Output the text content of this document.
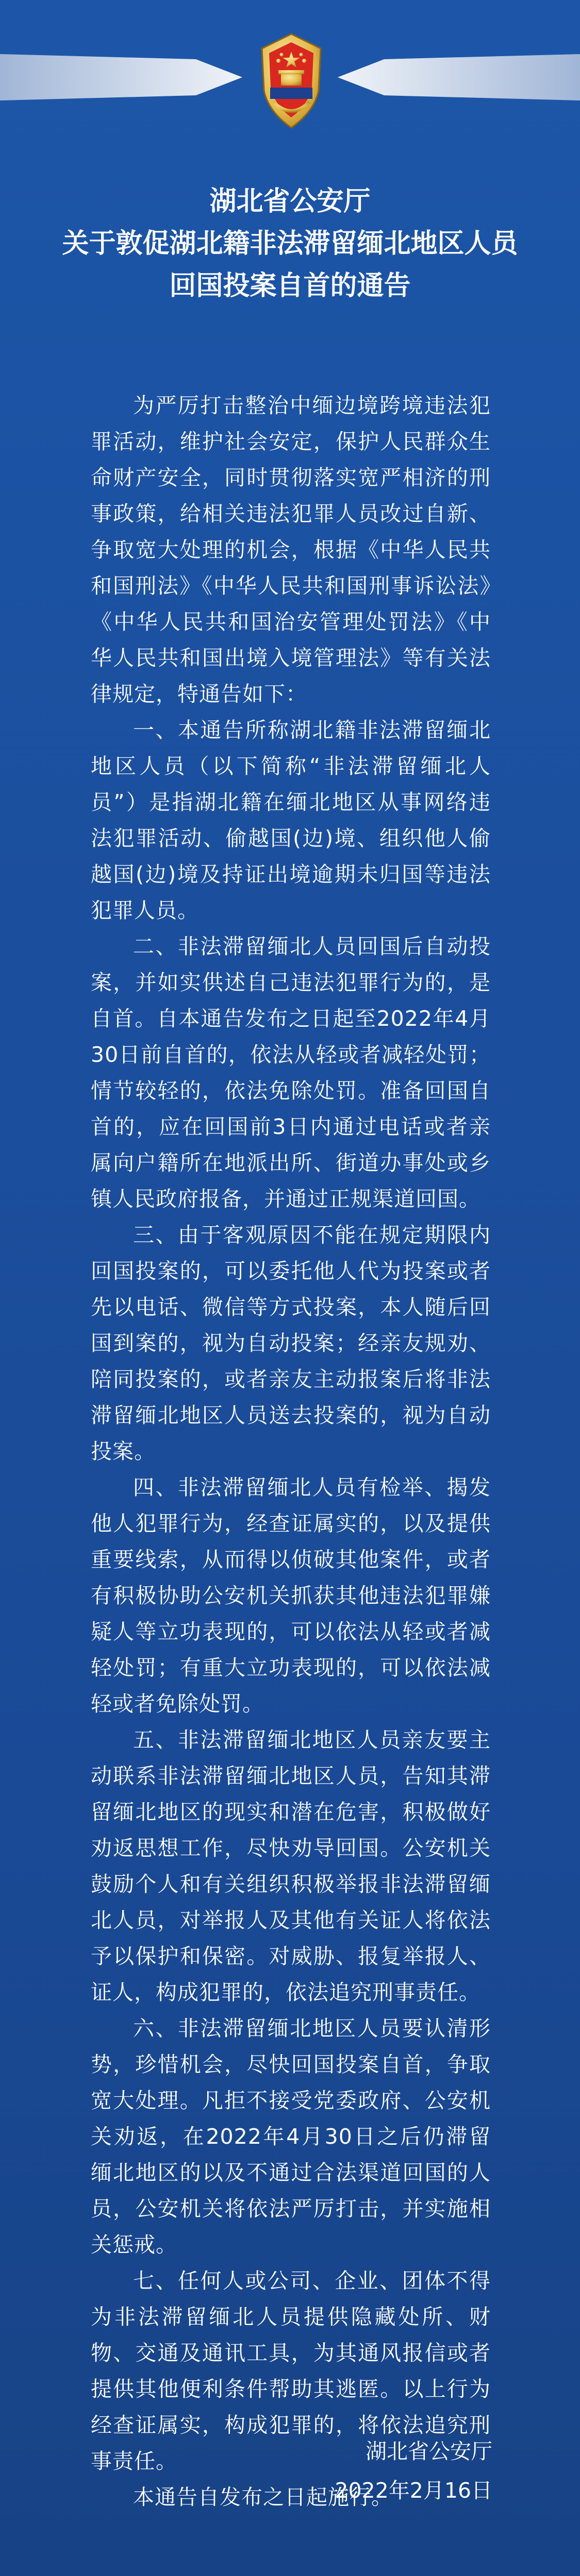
湖北省公安厅
关于敦促湖北籍非法滞留缅北地区人员
回国投案自首的通告

为严厉打击整治中缅边境跨境违法犯罪活动，维护社会安定，保护人民群众生命财产安全，同时贯彻落实宽严相济的刑事政策，给相关违法犯罪人员改过自新、争取宽大处理的机会，根据《中华人民共和国刑法》《中华人民共和国刑事诉讼法》《中华人民共和国治安管理处罚法》《中华人民共和国出境入境管理法》等有关法律规定，特通告如下：

一、本通告所称湖北籍非法滞留缅北地区人员（以下简称“非法滞留缅北人员”）是指湖北籍在缅北地区从事网络违法犯罪活动、偷越国(边)境、组织他人偷越国(边)境及持证出境逾期未归国等违法犯罪人员。

二、非法滞留缅北人员回国后自动投案，并如实供述自己违法犯罪行为的，是自首。自本通告发布之日起至2022年4月30日前自首的，依法从轻或者减轻处罚；情节较轻的，依法免除处罚。准备回国自首的，应在回国前3日内通过电话或者亲属向户籍所在地派出所、街道办事处或乡镇人民政府报备，并通过正规渠道回国。

三、由于客观原因不能在规定期限内回国投案的，可以委托他人代为投案或者先以电话、微信等方式投案，本人随后回国到案的，视为自动投案；经亲友规劝、陪同投案的，或者亲友主动报案后将非法滞留缅北地区人员送去投案的，视为自动投案。

四、非法滞留缅北人员有检举、揭发他人犯罪行为，经查证属实的，以及提供重要线索，从而得以侦破其他案件，或者有积极协助公安机关抓获其他违法犯罪嫌疑人等立功表现的，可以依法从轻或者减轻处罚；有重大立功表现的，可以依法减轻或者免除处罚。

五、非法滞留缅北地区人员亲友要主动联系非法滞留缅北地区人员，告知其滞留缅北地区的现实和潜在危害，积极做好劝返思想工作，尽快劝导回国。公安机关鼓励个人和有关组织积极举报非法滞留缅北人员，对举报人及其他有关证人将依法予以保护和保密。对威胁、报复举报人、证人，构成犯罪的，依法追究刑事责任。

六、非法滞留缅北地区人员要认清形势，珍惜机会，尽快回国投案自首，争取宽大处理。凡拒不接受党委政府、公安机关劝返，在2022年4月30日之后仍滞留缅北地区的以及不通过合法渠道回国的人员，公安机关将依法严厉打击，并实施相关惩戒。

七、任何人或公司、企业、团体不得为非法滞留缅北人员提供隐藏处所、财物、交通及通讯工具，为其通风报信或者提供其他便利条件帮助其逃匿。以上行为经查证属实，构成犯罪的，将依法追究刑事责任。

本通告自发布之日起施行。

湖北省公安厅
2022年2月16日
